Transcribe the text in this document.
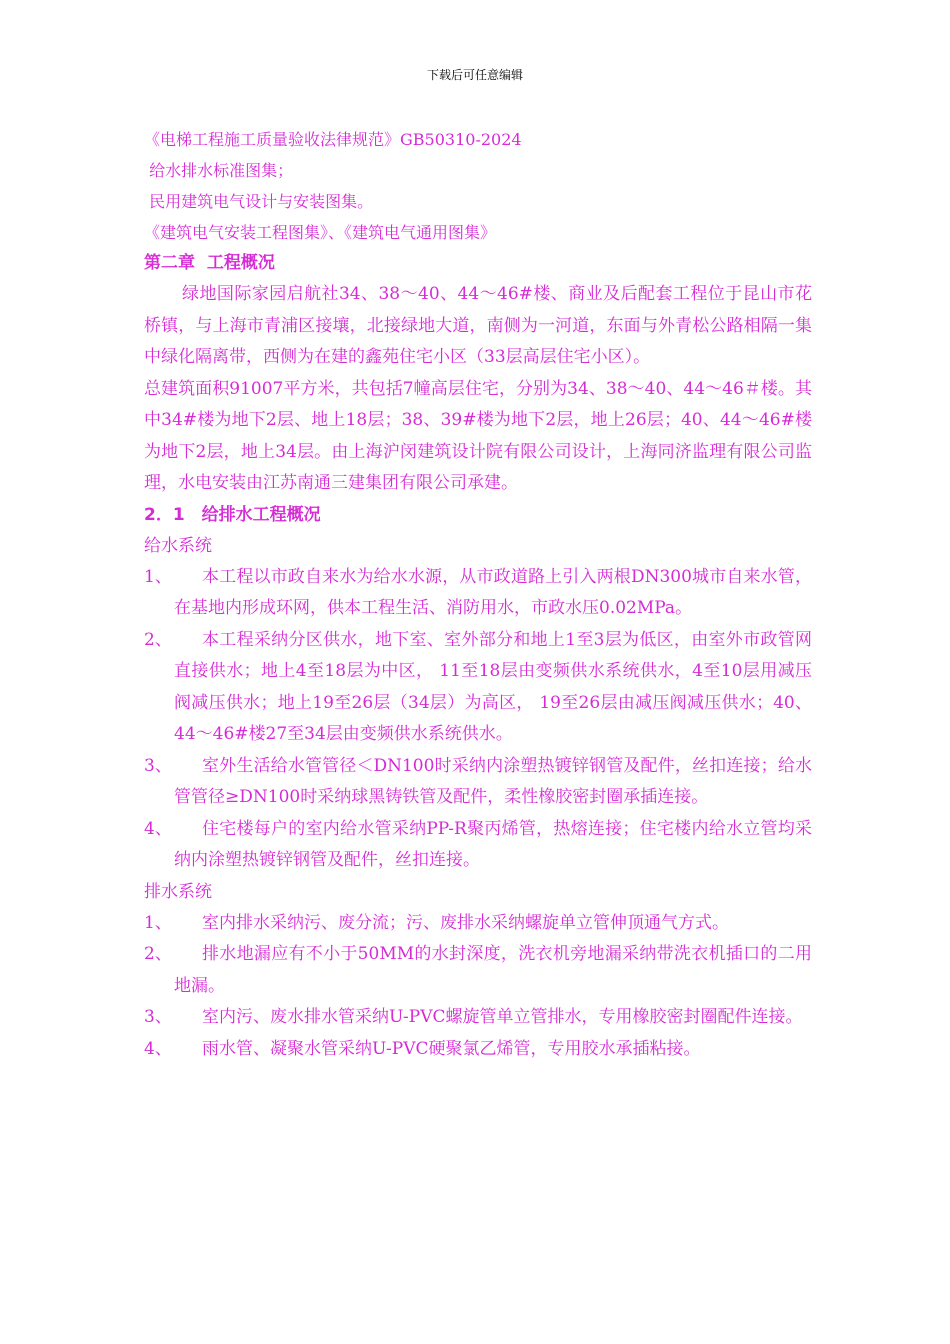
下载后可任意编辑
《电梯工程施工质量验收法律规范》GB50310-2024
给水排水标准图集；
民用建筑电气设计与安装图集。
《建筑电气安装工程图集》、《建筑电气通用图集》
第二章  工程概况

绿地国际家园启航社34、38～40、44～46#楼、商业及后配套工程位于昆山市花桥镇，与上海市青浦区接壤，北接绿地大道，南侧为一河道，东面与外青松公路相隔一集中绿化隔离带，西侧为在建的鑫苑住宅小区（33层高层住宅小区）。

总建筑面积91007平方米，共包括7幢高层住宅，分别为34、38～40、44～46＃楼。其中34#楼为地下2层、地上18层；38、39#楼为地下2层，地上26层；40、44～46#楼为地下2层，地上34层。由上海沪闵建筑设计院有限公司设计，上海同济监理有限公司监理，水电安装由江苏南通三建集团有限公司承建。

2．1　给排水工程概况
给水系统
1、	本工程以市政自来水为给水水源，从市政道路上引入两根DN300城市自来水管，在基地内形成环网，供本工程生活、消防用水，市政水压0.02MPa。
2、	本工程采纳分区供水，地下室、室外部分和地上1至3层为低区，由室外市政管网直接供水；地上4至18层为中区， 11至18层由变频供水系统供水，4至10层用减压阀减压供水；地上19至26层（34层）为高区， 19至26层由减压阀减压供水；40、44～46#楼27至34层由变频供水系统供水。
3、	室外生活给水管管径＜DN100时采纳内涂塑热镀锌钢管及配件，丝扣连接；给水管管径≥DN100时采纳球黑铸铁管及配件，柔性橡胶密封圈承插连接。
4、	住宅楼每户的室内给水管采纳PP-R聚丙烯管，热熔连接；住宅楼内给水立管均采纳内涂塑热镀锌钢管及配件，丝扣连接。
排水系统
1、	室内排水采纳污、废分流；污、废排水采纳螺旋单立管伸顶通气方式。
2、	排水地漏应有不小于50MM的水封深度，洗衣机旁地漏采纳带洗衣机插口的二用地漏。
3、	室内污、废水排水管采纳U-PVC螺旋管单立管排水，专用橡胶密封圈配件连接。
4、	雨水管、凝聚水管采纳U-PVC硬聚氯乙烯管，专用胶水承插粘接。
